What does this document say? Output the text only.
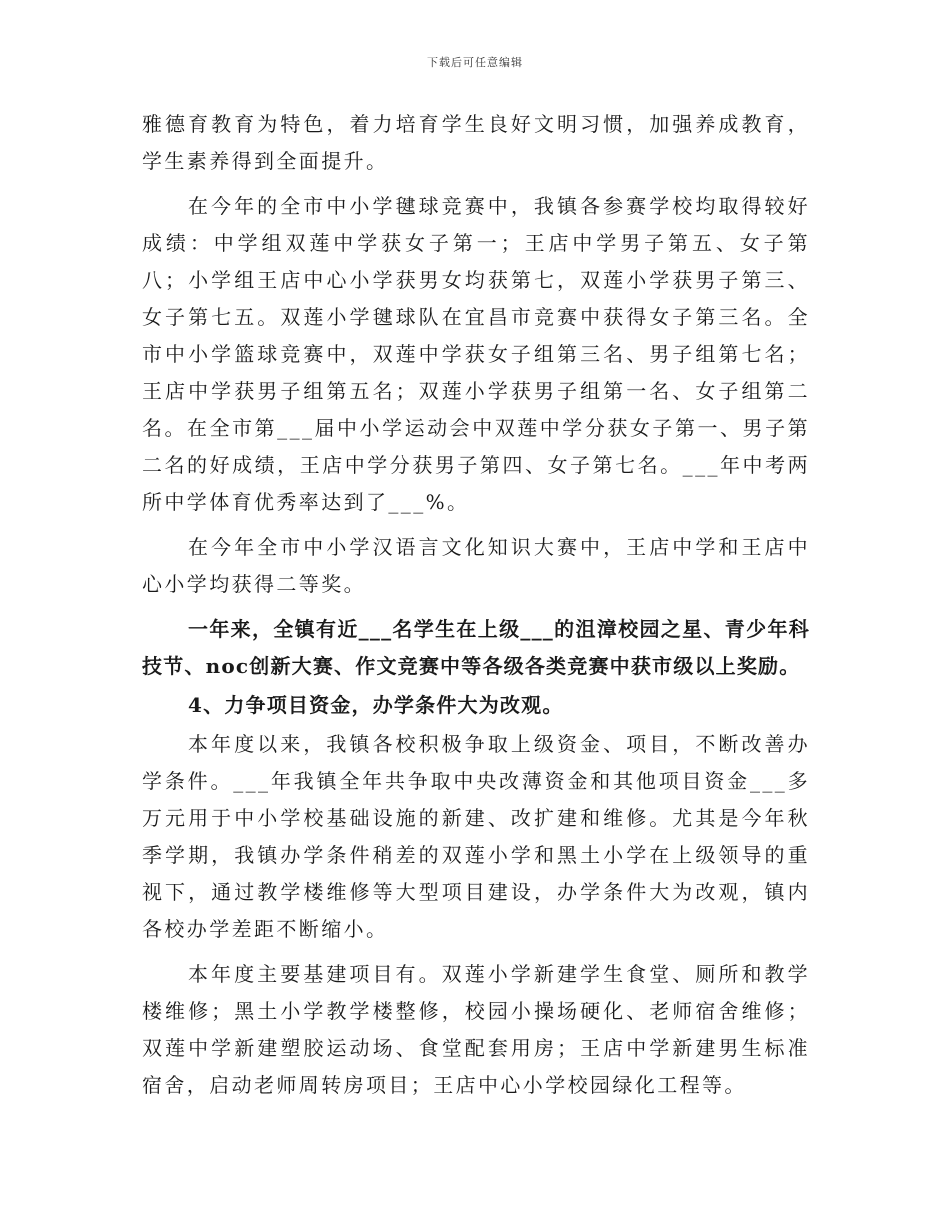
下载后可任意编辑

雅德育教育为特色，着力培育学生良好文明习惯，加强养成教育，学生素养得到全面提升。

在今年的全市中小学毽球竞赛中，我镇各参赛学校均取得较好成绩：中学组双莲中学获女子第一；王店中学男子第五、女子第八；小学组王店中心小学获男女均获第七，双莲小学获男子第三、女子第七五。双莲小学毽球队在宜昌市竞赛中获得女子第三名。全市中小学篮球竞赛中，双莲中学获女子组第三名、男子组第七名；王店中学获男子组第五名；双莲小学获男子组第一名、女子组第二名。在全市第___届中小学运动会中双莲中学分获女子第一、男子第二名的好成绩，王店中学分获男子第四、女子第七名。___年中考两所中学体育优秀率达到了___%。

在今年全市中小学汉语言文化知识大赛中，王店中学和王店中心小学均获得二等奖。

一年来，全镇有近___名学生在上级___的沮漳校园之星、青少年科技节、noc创新大赛、作文竞赛中等各级各类竞赛中获市级以上奖励。

4、力争项目资金，办学条件大为改观。

本年度以来，我镇各校积极争取上级资金、项目，不断改善办学条件。___年我镇全年共争取中央改薄资金和其他项目资金___多万元用于中小学校基础设施的新建、改扩建和维修。尤其是今年秋季学期，我镇办学条件稍差的双莲小学和黑土小学在上级领导的重视下，通过教学楼维修等大型项目建设，办学条件大为改观，镇内各校办学差距不断缩小。

本年度主要基建项目有。双莲小学新建学生食堂、厕所和教学楼维修；黑土小学教学楼整修，校园小操场硬化、老师宿舍维修；双莲中学新建塑胶运动场、食堂配套用房；王店中学新建男生标准宿舍，启动老师周转房项目；王店中心小学校园绿化工程等。
